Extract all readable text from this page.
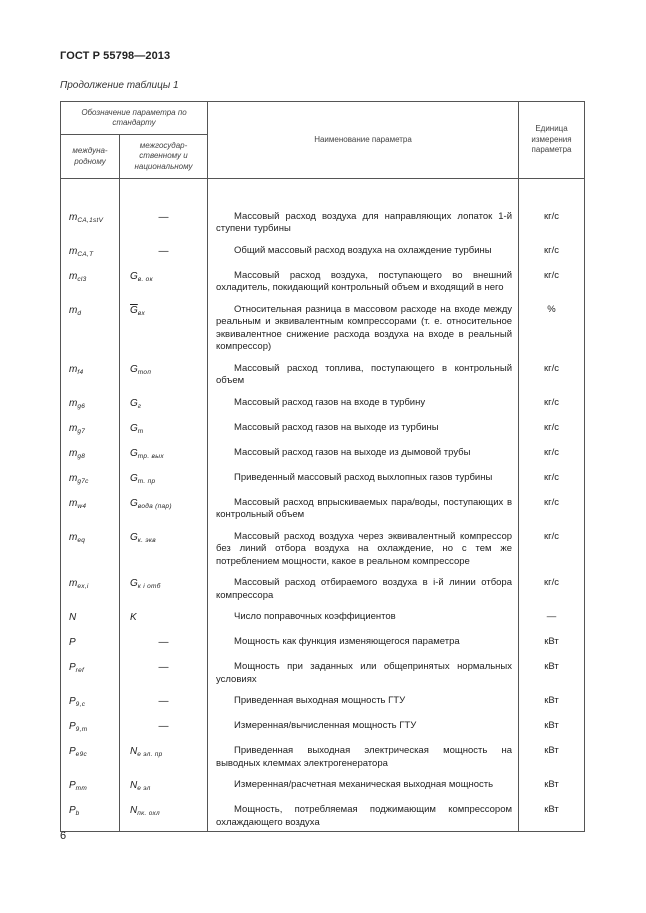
ГОСТ Р 55798—2013
Продолжение таблицы 1
Обозначение параметра по стандарту		Наименование параметра	Единица измерения параметра
междуна-родному	межгосудар-ственному и национальному		

$m_{CA,1stV}$	—	Массовый расход воздуха для направляющих лопаток 1-й ступени турбины	кг/с
$m_{CA,T}$	—	Общий массовый расход воздуха на охлаждение турбины	кг/с
$m_{cl3}$	$G_{в. ок}$	Массовый расход воздуха, поступающего во внешний охладитель, покидающий контрольный объем и входящий в него	кг/с
$m_d$	$\overline{G}_{вх}$	Относительная разница в массовом расходе на входе между реальным и эквивалентным компрессорами (т. е. относительное эквивалентное снижение расхода воздуха на входе в реальный компрессор)	%
$m_{f4}$	$G_{топ}$	Массовый расход топлива, поступающего в контрольный объем	кг/с
$m_{g6}$	$G_г$	Массовый расход газов на входе в турбину	кг/с
$m_{g7}$	$G_т$	Массовый расход газов на выходе из турбины	кг/с
$m_{g8}$	$G_{тр. вых}$	Массовый расход газов на выходе из дымовой трубы	кг/с
$m_{g7c}$	$G_{т. пр}$	Приведенный массовый расход выхлопных газов турбины	кг/с
$m_{w4}$	$G_{вода (пар)}$	Массовый расход впрыскиваемых пара/воды, поступающих в контрольный объем	кг/с
$m_{eq}$	$G_{к. экв}$	Массовый расход воздуха через эквивалентный компрессор без линий отбора воздуха на охлаждение, но с тем же потреблением мощности, какое в реальном компрессоре	кг/с
$m_{ex,i}$	$G_{к i отб}$	Массовый расход отбираемого воздуха в i-й линии отбора компрессора	кг/с
N	K	Число поправочных коэффициентов	—
P	—	Мощность как функция изменяющегося параметра	кВт
$P_{ref}$	—	Мощность при заданных или общепринятых нормальных условиях	кВт
$P_{9,c}$	—	Приведенная выходная мощность ГТУ	кВт
$P_{9,m}$	—	Измеренная/вычисленная мощность ГТУ	кВт
$P_{e9c}$	$N_{e эл. пр}$	Приведенная выходная электрическая мощность на выводных клеммах электрогенератора	кВт
$P_{mm}$	$N_{e эл}$	Измеренная/расчетная механическая выходная мощность	кВт
$P_b$	$N_{пк. охл}$	Мощность, потребляемая поджимающим компрессором охлаждающего воздуха	кВт
6
